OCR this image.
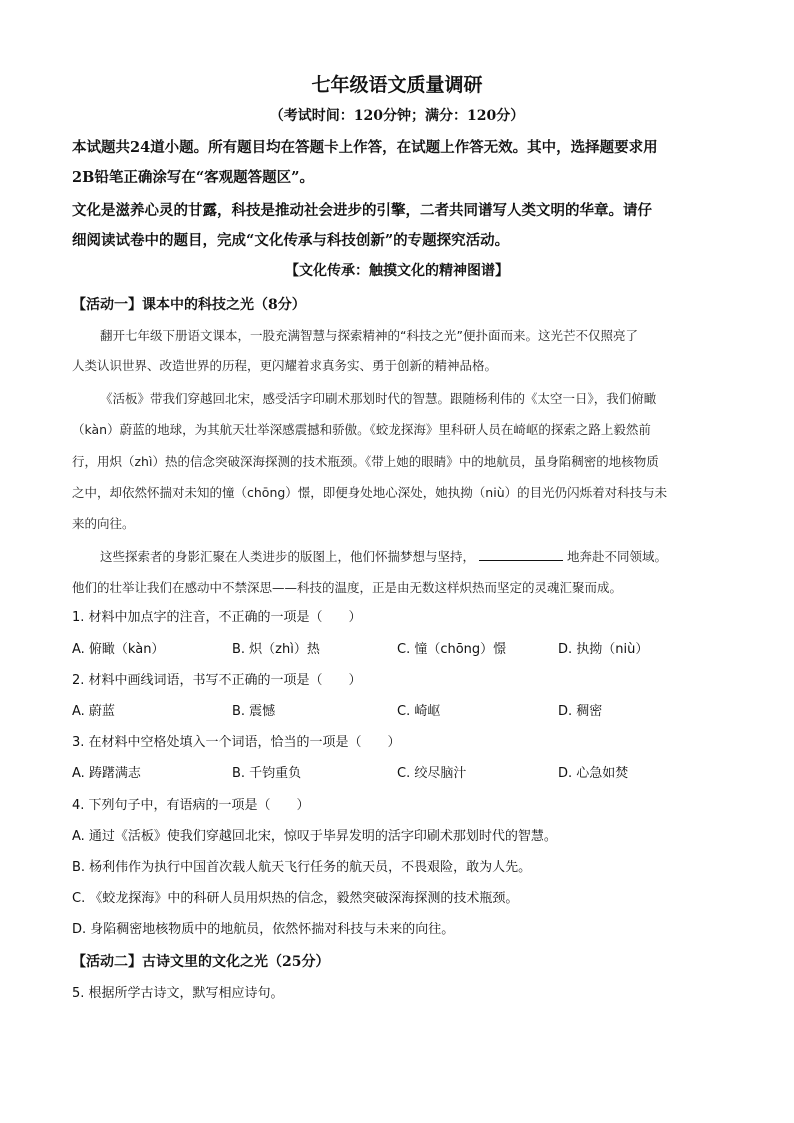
七年级语文质量调研
（考试时间：120分钟；满分：120分）
本试题共24道小题。所有题目均在答题卡上作答，在试题上作答无效。其中，选择题要求用
2B铅笔正确涂写在“客观题答题区”。
文化是滋养心灵的甘露，科技是推动社会进步的引擎，二者共同谱写人类文明的华章。请仔
细阅读试卷中的题目，完成“文化传承与科技创新”的专题探究活动。
【文化传承：触摸文化的精神图谱】
【活动一】课本中的科技之光（8分）
翻开七年级下册语文课本，一股充满智慧与探索精神的“科技之光”便扑面而来。这光芒不仅照亮了
人类认识世界、改造世界的历程，更闪耀着求真务实、勇于创新的精神品格。
《活板》带我们穿越回北宋，感受活字印刷术那划时代的智慧。跟随杨利伟的《太空一日》，我们俯瞰
（kàn）蔚蓝的地球，为其航天壮举深感震撼和骄傲。《蛟龙探海》里科研人员在崎岖的探索之路上毅然前
行，用炽（zhì）热的信念突破深海探测的技术瓶颈。《带上她的眼睛》中的地航员，虽身陷稠密的地核物质
之中，却依然怀揣对未知的憧（chōng）憬，即便身处地心深处，她执拗（niù）的目光仍闪烁着对科技与未
来的向往。
这些探索者的身影汇聚在人类进步的版图上，他们怀揣梦想与坚持，	地奔赴不同领域。
他们的壮举让我们在感动中不禁深思——科技的温度，正是由无数这样炽热而坚定的灵魂汇聚而成。
1. 材料中加点字的注音，不正确的一项是（　　）
A. 俯瞰（kàn）	B. 炽（zhì）热	C. 憧（chōng）憬	D. 执拗（niù）
2. 材料中画线词语，书写不正确的一项是（　　）
A. 蔚蓝	B. 震憾	C. 崎岖	D. 稠密
3. 在材料中空格处填入一个词语，恰当的一项是（　　）
A. 踌躇满志	B. 千钧重负	C. 绞尽脑汁	D. 心急如焚
4. 下列句子中，有语病的一项是（　　）
A. 通过《活板》使我们穿越回北宋，惊叹于毕昇发明的活字印刷术那划时代的智慧。
B. 杨利伟作为执行中国首次载人航天飞行任务的航天员，不畏艰险，敢为人先。
C. 《蛟龙探海》中的科研人员用炽热的信念，毅然突破深海探测的技术瓶颈。
D. 身陷稠密地核物质中的地航员，依然怀揣对科技与未来的向往。
【活动二】古诗文里的文化之光（25分）
5. 根据所学古诗文，默写相应诗句。
